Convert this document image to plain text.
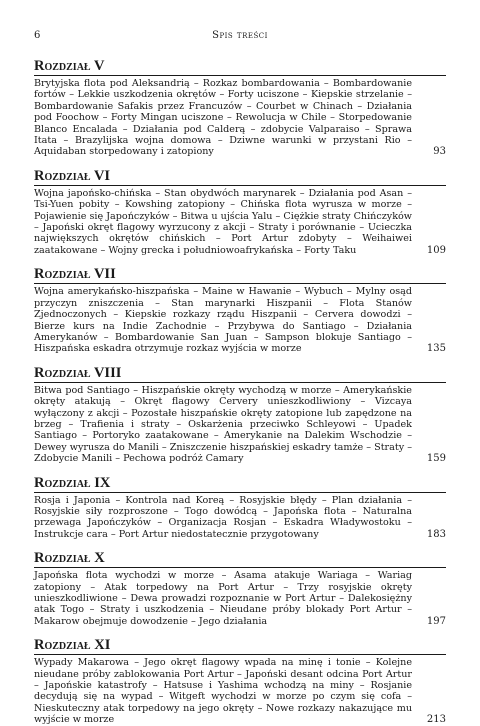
6	Spis treści
Rozdział V
Brytyjska flota pod Aleksandrią – Rozkaz bombardowania – Bombardowanie fortów – Lekkie uszkodzenia okrętów – Forty uciszone – Kiepskie strzelanie – Bombardowanie Safakis przez Francuzów – Courbet w Chinach – Działania pod Foochow – Forty Mingan uciszone – Rewolucja w Chile – Storpedowanie Blanco Encalada – Działania pod Calderą – zdobycie Valparaiso – Sprawa Itata – Brazylijska wojna domowa – Dziwne warunki w przystani Rio – Aquidaban storpedowany i zatopiony	93
Rozdział VI
Wojna japońsko-chińska – Stan obydwóch marynarek – Działania pod Asan – Tsi-Yuen pobity – Kowshing zatopiony – Chińska flota wyrusza w morze – Pojawienie się Japończyków – Bitwa u ujścia Yalu – Ciężkie straty Chińczyków – Japoński okręt flagowy wyrzucony z akcji – Straty i porównanie – Ucieczka największych okrętów chińskich – Port Artur zdobyty – Weihaiwei zaatakowane – Wojny grecka i południowoafrykańska – Forty Taku	109
Rozdział VII
Wojna amerykańsko-hiszpańska – Maine w Hawanie – Wybuch – Mylny osąd przyczyn zniszczenia – Stan marynarki Hiszpanii – Flota Stanów Zjednoczonych – Kiepskie rozkazy rządu Hiszpanii – Cervera dowodzi – Bierze kurs na Indie Zachodnie – Przybywa do Santiago – Działania Amerykanów – Bombardowanie San Juan – Sampson blokuje Santiago – Hiszpańska eskadra otrzymuje rozkaz wyjścia w morze	135
Rozdział VIII
Bitwa pod Santiago – Hiszpańskie okręty wychodzą w morze – Amerykańskie okręty atakują – Okręt flagowy Cervery unieszkodliwiony – Vizcaya wyłączony z akcji – Pozostałe hiszpańskie okręty zatopione lub zapędzone na brzeg – Trafienia i straty – Oskarżenia przeciwko Schleyowi – Upadek Santiago – Portoryko zaatakowane – Amerykanie na Dalekim Wschodzie – Dewey wyrusza do Manili – Zniszczenie hiszpańskiej eskadry tamże – Straty – Zdobycie Manili – Pechowa podróż Camary	159
Rozdział IX
Rosja i Japonia – Kontrola nad Koreą – Rosyjskie błędy – Plan działania – Rosyjskie siły rozproszone – Togo dowódcą – Japońska flota – Naturalna przewaga Japończyków – Organizacja Rosjan – Eskadra Władywostoku – Instrukcje cara – Port Artur niedostatecznie przygotowany	183
Rozdział X
Japońska flota wychodzi w morze – Asama atakuje Wariaga – Wariag zatopiony – Atak torpedowy na Port Artur – Trzy rosyjskie okręty unieszkodliwione – Dewa prowadzi rozpoznanie w Port Artur – Dalekosiężny atak Togo – Straty i uszkodzenia – Nieudane próby blokady Port Artur – Makarow obejmuje dowodzenie – Jego działania	197
Rozdział XI
Wypady Makarowa – Jego okręt flagowy wpada na minę i tonie – Kolejne nieudane próby zablokowania Port Artur – Japoński desant odcina Port Artur – Japońskie katastrofy – Hatsuse i Yashima wchodzą na miny – Rosjanie decydują się na wypad – Witgeft wychodzi w morze po czym się cofa – Nieskuteczny atak torpedowy na jego okręty – Nowe rozkazy nakazujące mu wyjście w morze	213
